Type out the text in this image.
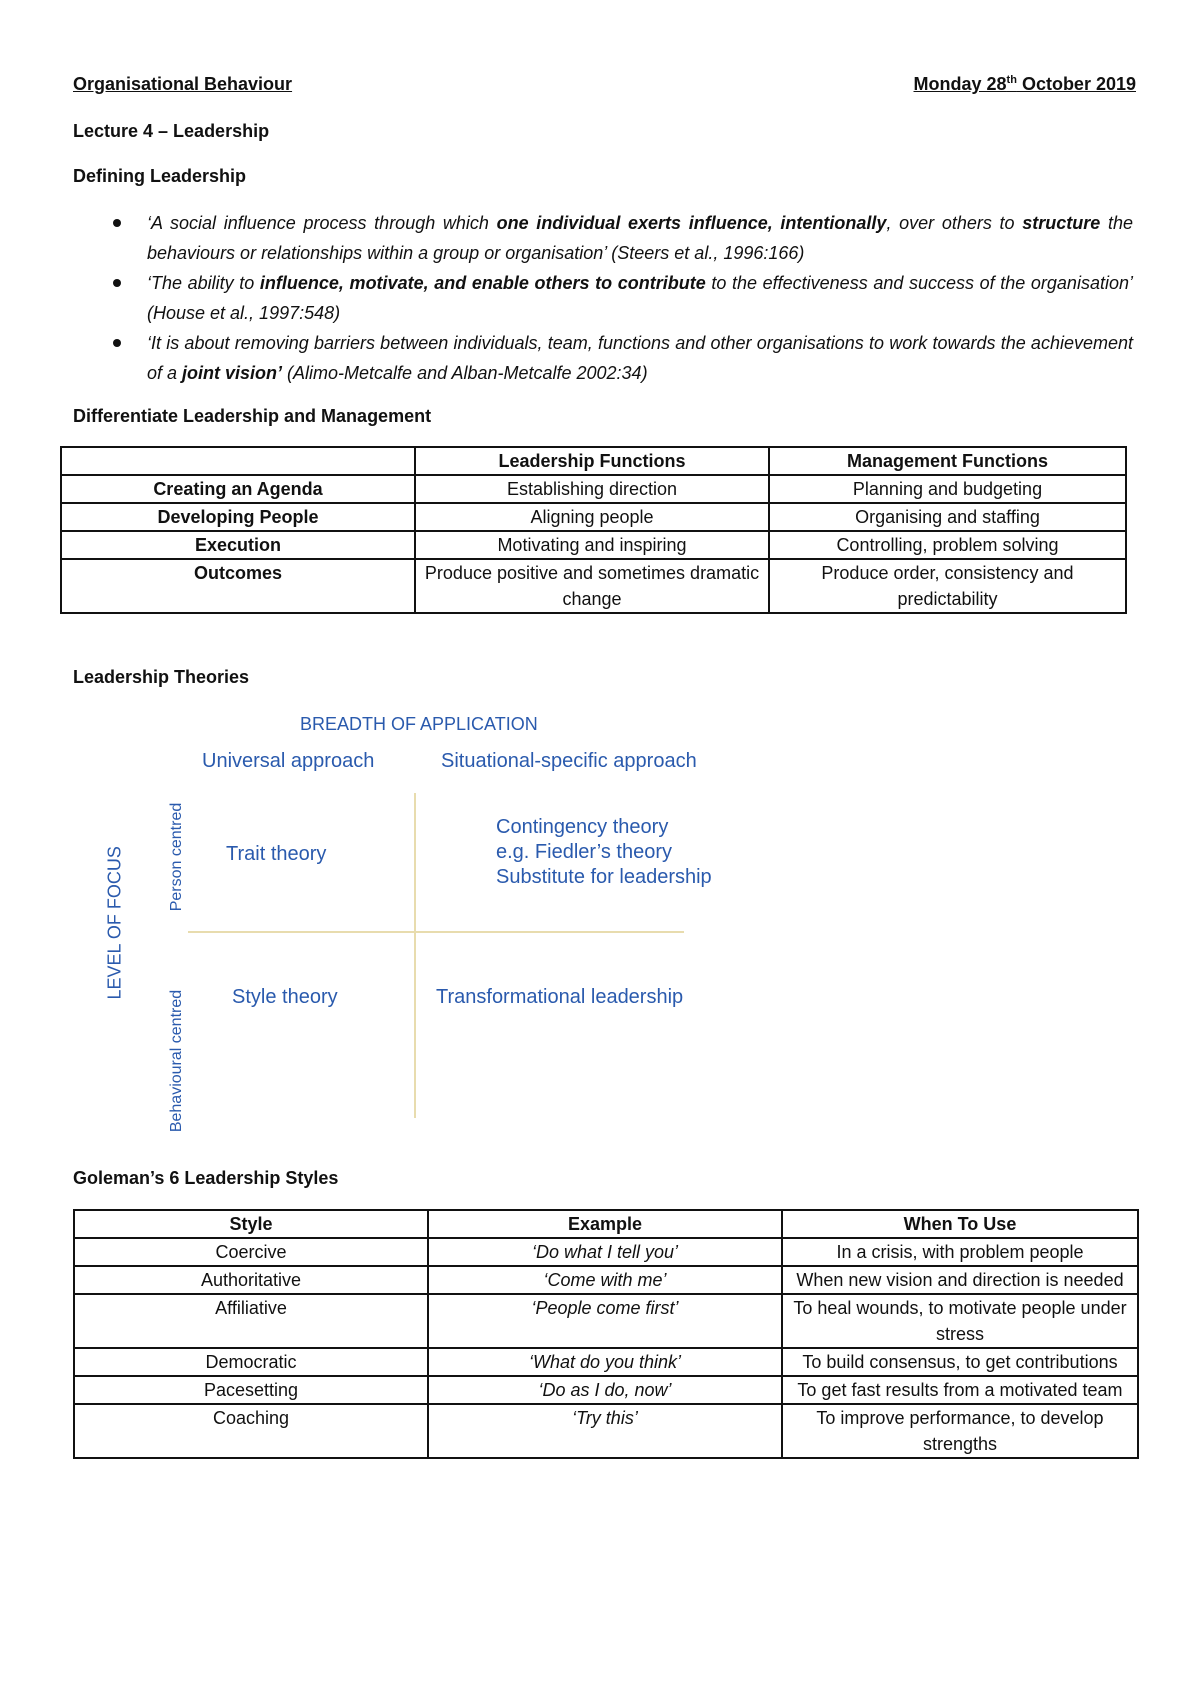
Organisational Behaviour	Monday 28th October 2019
Lecture 4 – Leadership
Defining Leadership
‘A social influence process through which one individual exerts influence, intentionally, over others to structure the behaviours or relationships within a group or organisation’ (Steers et al., 1996:166)
‘The ability to influence, motivate, and enable others to contribute to the effectiveness and success of the organisation’ (House et al., 1997:548)
‘It is about removing barriers between individuals, team, functions and other organisations to work towards the achievement of a joint vision’ (Alimo-Metcalfe and Alban-Metcalfe 2002:34)
Differentiate Leadership and Management
	Leadership Functions	Management Functions
Creating an Agenda	Establishing direction	Planning and budgeting
Developing People	Aligning people	Organising and staffing
Execution	Motivating and inspiring	Controlling, problem solving
Outcomes	Produce positive and sometimes dramatic change	Produce order, consistency and predictability
Leadership Theories
BREADTH OF APPLICATION
Universal approach	Situational-specific approach
LEVEL OF FOCUS	Person centred
Behavioural centred
Trait theory
Contingency theory
e.g. Fiedler’s theory
Substitute for leadership
Style theory	Transformational leadership
Goleman’s 6 Leadership Styles
Style	Example	When To Use
Coercive	‘Do what I tell you’	In a crisis, with problem people
Authoritative	‘Come with me’	When new vision and direction is needed
Affiliative	‘People come first’	To heal wounds, to motivate people under stress
Democratic	‘What do you think’	To build consensus, to get contributions
Pacesetting	‘Do as I do, now’	To get fast results from a motivated team
Coaching	‘Try this’	To improve performance, to develop strengths
